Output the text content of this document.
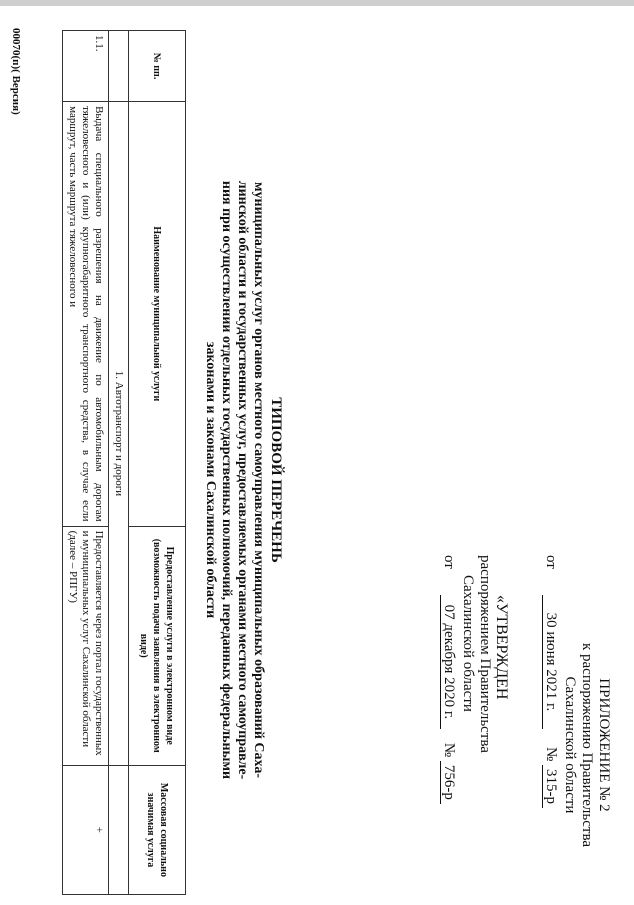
ПРИЛОЖЕНИЕ № 2
к распоряжению Правительства
Сахалинской области
от 30 июня 2021 г. № 315-р
«УТВЕРЖДЕН
распоряжением Правительства
Сахалинской области
от 07 декабря 2020 г. № 756-р
ТИПОВОЙ ПЕРЕЧЕНЬ
муниципальных услуг органов местного самоуправления муниципальных образований Саха-
линской области и государственных услуг, предоставляемых органами местного самоуправле-
ния при осуществлении отдельных государственных полномочий, переданных федеральными
законами и законами Сахалинской области
№ пп.	Наименование муниципальной услуги	Предоставление услуги в электронном виде (возможность подачи заявления в электронном виде)	Массовая социально значимая услуга
	1. Автотранспорт и дороги		
1.1.	Выдача специального разрешения на движение по автомобильным дорогам тяжеловесного и (или) крупногабаритного транспортного средства, в случае если маршрут, часть маршрута тяжеловесного и	Предоставляется через портал государственных и муниципальных услуг Сахалинской области (далее – РПГУ)	+
00070(п)( Версия)
